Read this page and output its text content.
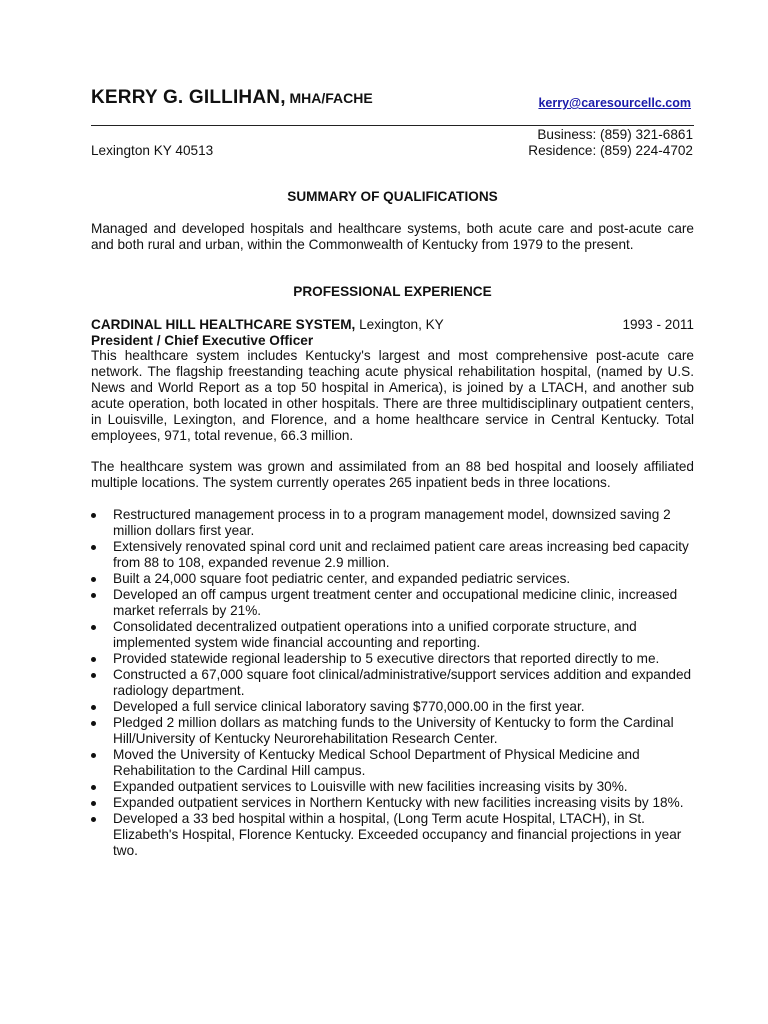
KERRY G. GILLIHAN, MHA/FACHE	kerry@caresourcellc.com
Lexington KY 40513
Business: (859) 321-6861
Residence: (859) 224-4702
SUMMARY OF QUALIFICATIONS
Managed and developed hospitals and healthcare systems, both acute care and post-acute care and both rural and urban, within the Commonwealth of Kentucky from 1979 to the present.
PROFESSIONAL EXPERIENCE
CARDINAL HILL HEALTHCARE SYSTEM, Lexington, KY	1993 - 2011
President / Chief Executive Officer
This healthcare system includes Kentucky's largest and most comprehensive post-acute care network. The flagship freestanding teaching acute physical rehabilitation hospital, (named by U.S. News and World Report as a top 50 hospital in America), is joined by a LTACH, and another sub acute operation, both located in other hospitals. There are three multidisciplinary outpatient centers, in Louisville, Lexington, and Florence, and a home healthcare service in Central Kentucky. Total employees, 971, total revenue, 66.3 million.
The healthcare system was grown and assimilated from an 88 bed hospital and loosely affiliated multiple locations. The system currently operates 265 inpatient beds in three locations.
Restructured management process in to a program management model, downsized saving 2 million dollars first year.
Extensively renovated spinal cord unit and reclaimed patient care areas increasing bed capacity from 88 to 108, expanded revenue 2.9 million.
Built a 24,000 square foot pediatric center, and expanded pediatric services.
Developed an off campus urgent treatment center and occupational medicine clinic, increased market referrals by 21%.
Consolidated decentralized outpatient operations into a unified corporate structure, and implemented system wide financial accounting and reporting.
Provided statewide regional leadership to 5 executive directors that reported directly to me.
Constructed a 67,000 square foot clinical/administrative/support services addition and expanded radiology department.
Developed a full service clinical laboratory saving $770,000.00 in the first year.
Pledged 2 million dollars as matching funds to the University of Kentucky to form the Cardinal Hill/University of Kentucky Neurorehabilitation Research Center.
Moved the University of Kentucky Medical School Department of Physical Medicine and Rehabilitation to the Cardinal Hill campus.
Expanded outpatient services to Louisville with new facilities increasing visits by 30%.
Expanded outpatient services in Northern Kentucky with new facilities increasing visits by 18%.
Developed a 33 bed hospital within a hospital, (Long Term acute Hospital, LTACH), in St. Elizabeth's Hospital, Florence Kentucky. Exceeded occupancy and financial projections in year two.
